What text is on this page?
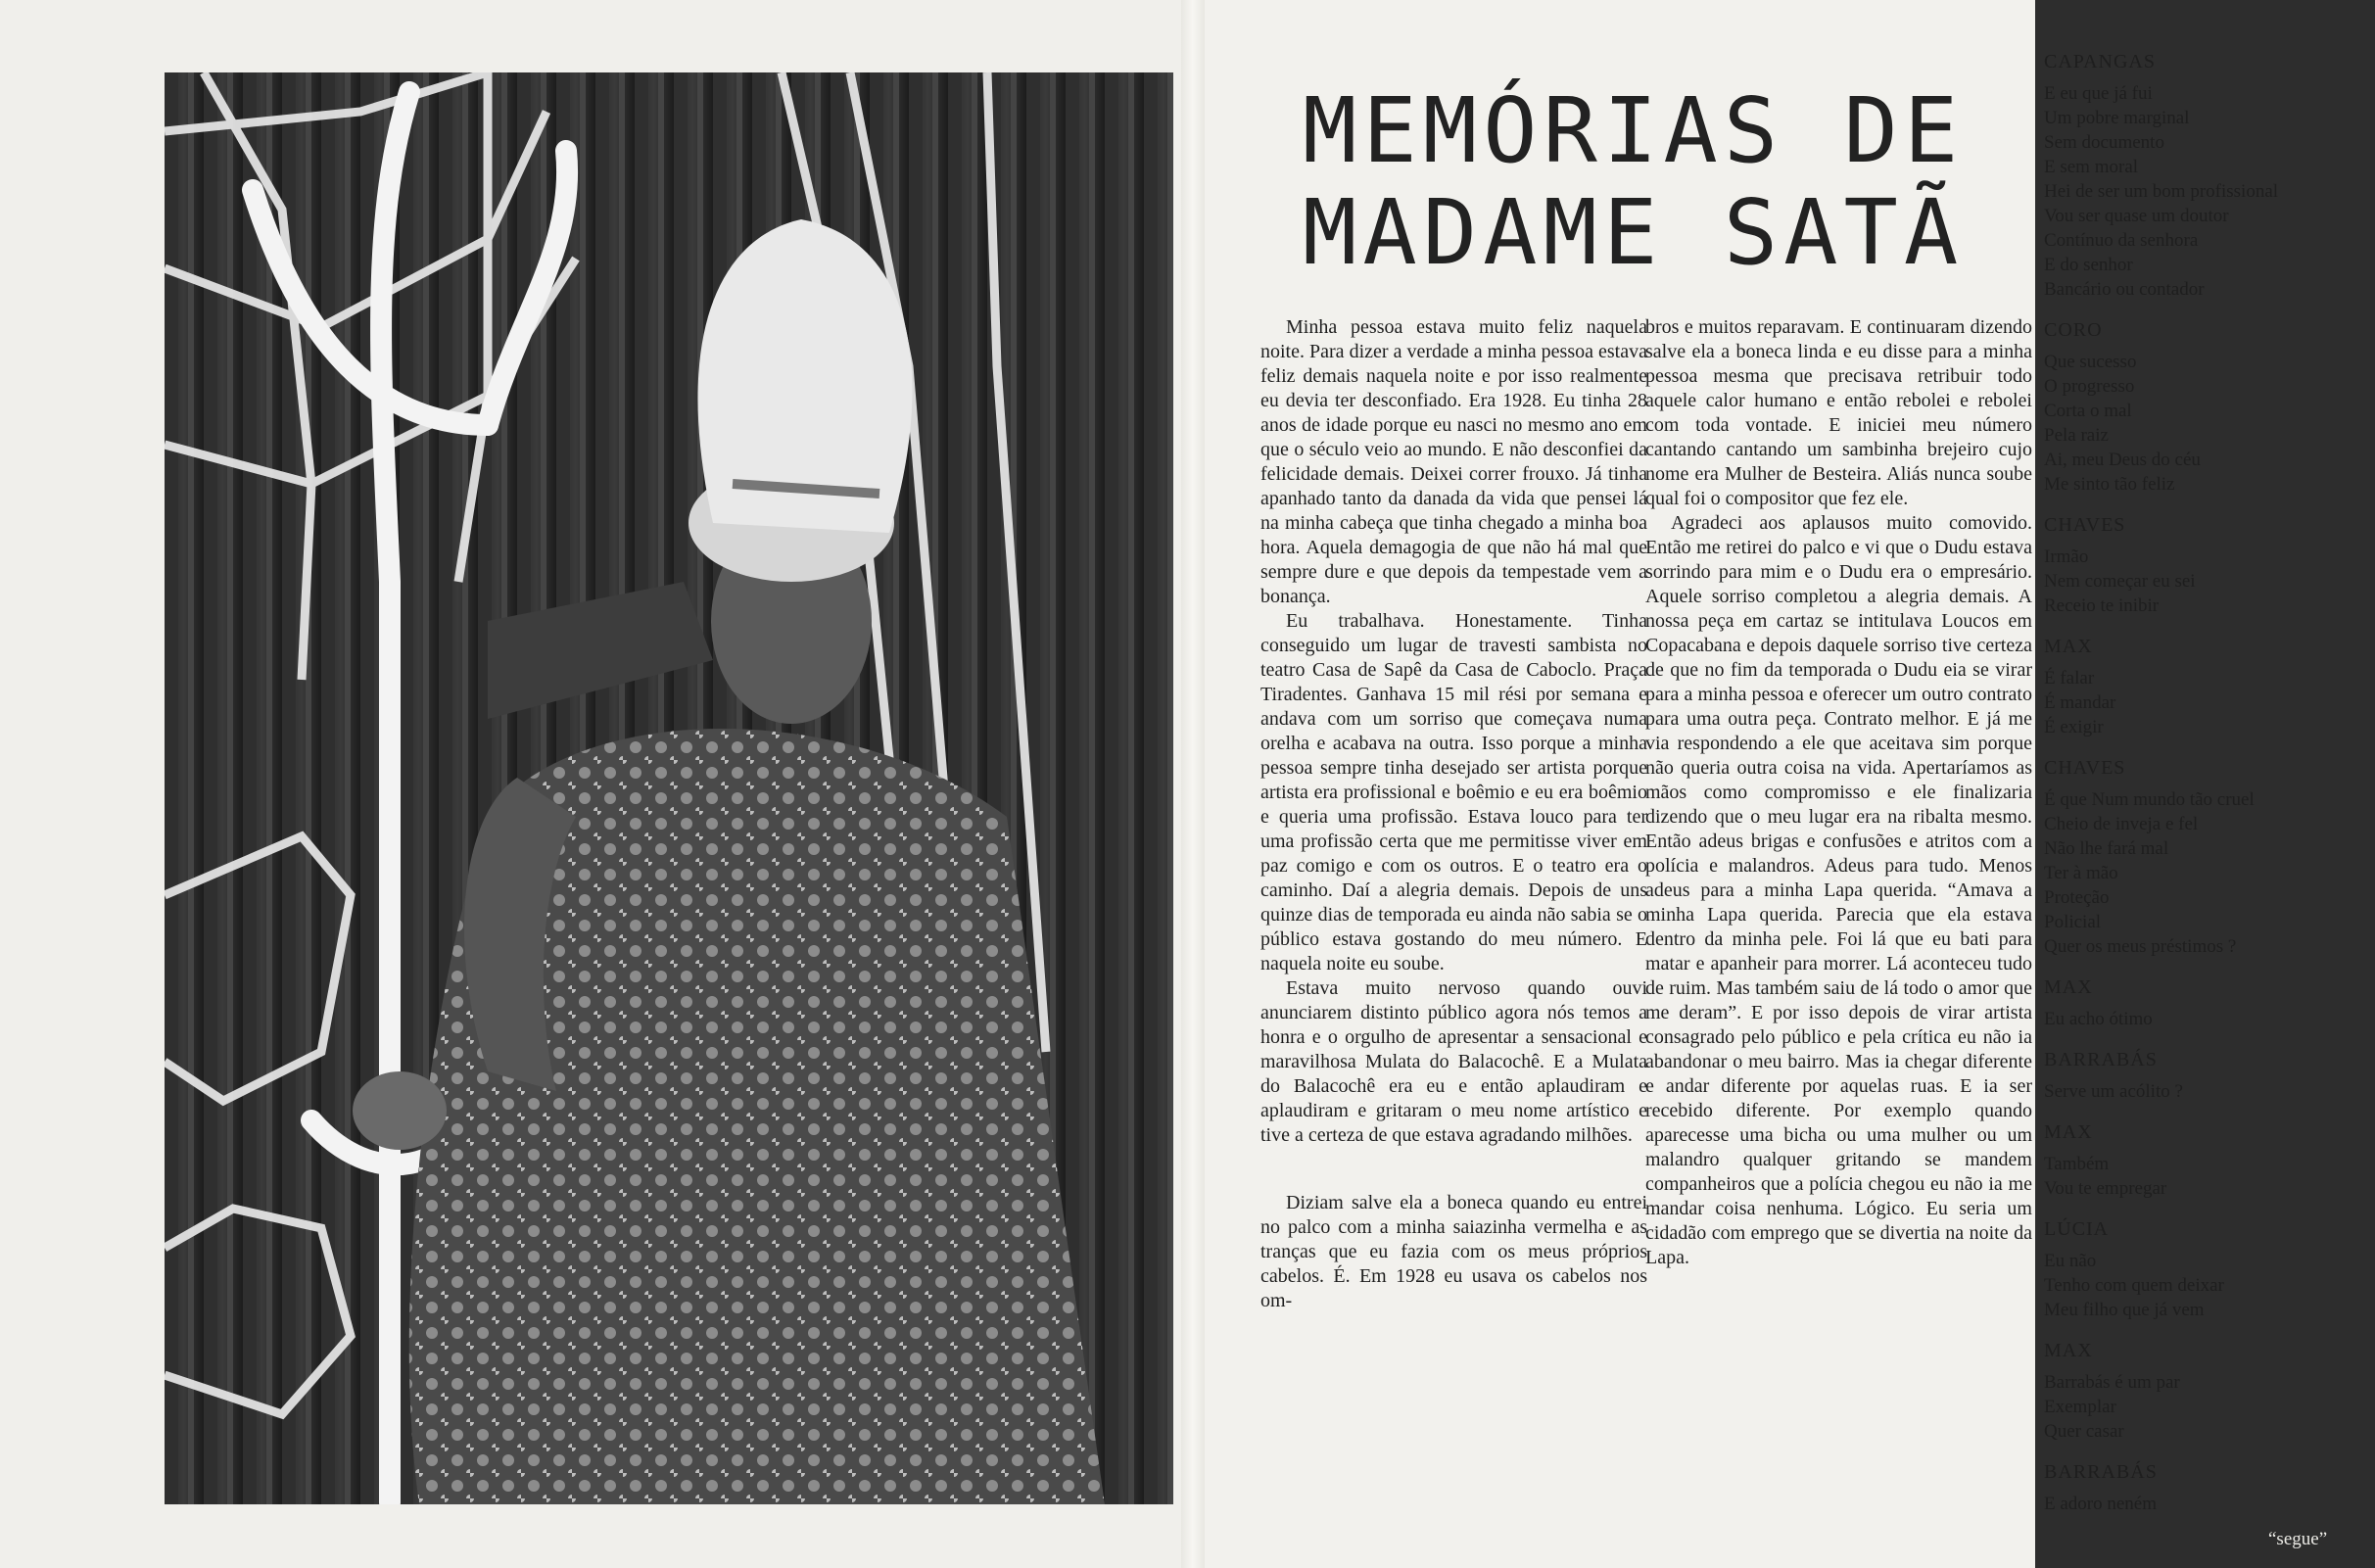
MEMÓRIAS DE
MADAME SATÃ

Minha pessoa estava muito feliz naquela noite. Para dizer a verdade a minha pessoa estava feliz demais naquela noite e por isso realmente eu devia ter desconfiado. Era 1928. Eu tinha 28 anos de idade porque eu nasci no mesmo ano em que o século veio ao mundo. E não desconfiei da felicidade demais. Deixei correr frouxo. Já tinha apanhado tanto da danada da vida que pensei lá na minha cabeça que tinha chegado a minha boa hora. Aquela demagogia de que não há mal que sempre dure e que depois da tempestade vem a bonança.

Eu trabalhava. Honestamente. Tinha conseguido um lugar de travesti sambista no teatro Casa de Sapê da Casa de Caboclo. Praça Tiradentes. Ganhava 15 mil rési por semana e andava com um sorriso que começava numa orelha e acabava na outra. Isso porque a minha pessoa sempre tinha desejado ser artista porque artista era profissional e boêmio e eu era boêmio e queria uma profissão. Estava louco para ter uma profissão certa que me permitisse viver em paz comigo e com os outros. E o teatro era o caminho. Daí a alegria demais. Depois de uns quinze dias de temporada eu ainda não sabia se o público estava gostando do meu número. E naquela noite eu soube.

Estava muito nervoso quando ouvi anunciarem distinto público agora nós temos a honra e o orgulho de apresentar a sensacional e maravilhosa Mulata do Balacochê. E a Mulata do Balacochê era eu e então aplaudiram e aplaudiram e gritaram o meu nome artístico e tive a certeza de que estava agradando milhões.

Diziam salve ela a boneca quando eu entrei no palco com a minha saiazinha vermelha e as tranças que eu fazia com os meus próprios cabelos. É. Em 1928 eu usava os cabelos nos om-

bros e muitos reparavam. E continuaram dizendo salve ela a boneca linda e eu disse para a minha pessoa mesma que precisava retribuir todo aquele calor humano e então rebolei e rebolei com toda vontade. E iniciei meu número cantando cantando um sambinha brejeiro cujo nome era Mulher de Besteira. Aliás nunca soube qual foi o compositor que fez ele.

Agradeci aos aplausos muito comovido. Então me retirei do palco e vi que o Dudu estava sorrindo para mim e o Dudu era o empresário. Aquele sorriso completou a alegria demais. A nossa peça em cartaz se intitulava Loucos em Copacabana e depois daquele sorriso tive certeza de que no fim da temporada o Dudu eia se virar para a minha pessoa e oferecer um outro contrato para uma outra peça. Contrato melhor. E já me via respondendo a ele que aceitava sim porque não queria outra coisa na vida. Apertaríamos as mãos como compromisso e ele finalizaria dizendo que o meu lugar era na ribalta mesmo. Então adeus brigas e confusões e atritos com a polícia e malandros. Adeus para tudo. Menos adeus para a minha Lapa querida. “Amava a minha Lapa querida. Parecia que ela estava dentro da minha pele. Foi lá que eu bati para matar e apanheir para morrer. Lá aconteceu tudo de ruim. Mas também saiu de lá todo o amor que me deram”. E por isso depois de virar artista consagrado pelo público e pela crítica eu não ia abandonar o meu bairro. Mas ia chegar diferente e andar diferente por aquelas ruas. E ia ser recebido diferente. Por exemplo quando aparecesse uma bicha ou uma mulher ou um malandro qualquer gritando se mandem companheiros que a polícia chegou eu não ia me mandar coisa nenhuma. Lógico. Eu seria um cidadão com emprego que se divertia na noite da Lapa.

CAPANGAS
E eu que já fui
Um pobre marginal
Sem documento
E sem moral
Hei de ser um bom profissional
Vou ser quase um doutor
Contínuo da senhora
E do senhor
Bancário ou contador
CORO
Que sucesso
O progresso
Corta o mal
Pela raiz
Ai, meu Deus do céu
Me sinto tão feliz
CHAVES
Irmão
Nem começar eu sei
Receio te inibir
MAX
É falar
É mandar
É exigir
CHAVES
É que Num mundo tão cruel
Cheio de inveja e fel
Não lhe fará mal
Ter à mão
Proteção
Policial
Quer os meus préstimos ?
MAX
Eu acho ótimo
BARRABÁS
Serve um acólito ?
MAX
Também
Vou te empregar
LÚCIA
Eu não
Tenho com quem deixar
Meu filho que já vem
MAX
Barrabás é um par
Exemplar
Quer casar
BARRABÁS
E adoro neném
“segue”
